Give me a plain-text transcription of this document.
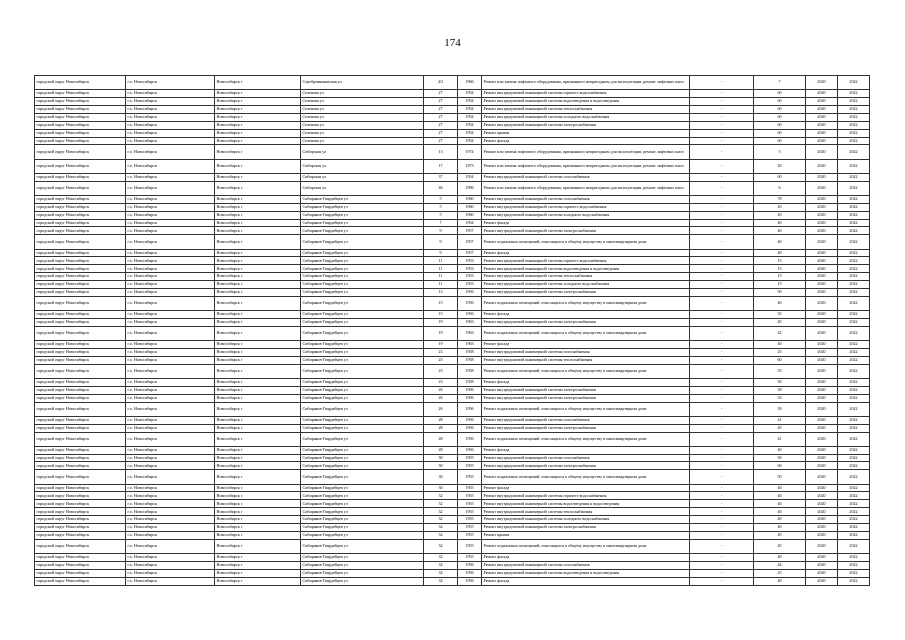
174
городской округ Новосибирск	г.о. Новосибирск	Новосибирск г	Серебренниковская ул	4/2	1966	Ремонт или замена лифтового оборудования, признанного непригодным для эксплуатации, ремонт лифтовых шахт	-	7	2020	2022
городской округ Новосибирск	г.о. Новосибирск	Новосибирск г	Сеченова ул	27	1954	Ремонт внутридомовой инженерной системы горячего водоснабжения	-	60	2020	2022
городской округ Новосибирск	г.о. Новосибирск	Новосибирск г	Сеченова ул	27	1954	Ремонт внутридомовой инженерной системы водоотведения и водоотведения	-	60	2020	2022
городской округ Новосибирск	г.о. Новосибирск	Новосибирск г	Сеченова ул	27	1954	Ремонт внутридомовой инженерной системы теплоснабжения	-	60	2020	2022
городской округ Новосибирск	г.о. Новосибирск	Новосибирск г	Сеченова ул	27	1954	Ремонт внутридомовой инженерной системы холодного водоснабжения	-	60	2020	2022
городской округ Новосибирск	г.о. Новосибирск	Новосибирск г	Сеченова ул	27	1954	Ремонт внутридомовой инженерной системы электроснабжения	-	60	2020	2022
городской округ Новосибирск	г.о. Новосибирск	Новосибирск г	Сеченова ул	27	1954	Ремонт крыши	-	60	2020	2022
городской округ Новосибирск	г.о. Новосибирск	Новосибирск г	Сеченова ул	27	1954	Ремонт фасада	-	60	2020	2022
городской округ Новосибирск	г.о. Новосибирск	Новосибирск г	Сибирская ул	13	1974	Ремонт или замена лифтового оборудования, признанного непригодным для эксплуатации, ремонт лифтовых шахт	-	5	2020	2022
городской округ Новосибирск	г.о. Новосибирск	Новосибирск г	Сибирская ул	17	1973	Ремонт или замена лифтового оборудования, признанного непригодным для эксплуатации, ремонт лифтовых шахт	-	20	2020	2022
городской округ Новосибирск	г.о. Новосибирск	Новосибирск г	Сибирская ул	37	1934	Ремонт внутридомовой инженерной системы газоснабжения	-	60	2020	2022
городской округ Новосибирск	г.о. Новосибирск	Новосибирск г	Сибирская ул	46	1996	Ремонт или замена лифтового оборудования, признанного непригодным для эксплуатации, ремонт лифтовых шахт	-	6	2020	2022
городской округ Новосибирск	г.о. Новосибирск	Новосибирск г	Сибиряков-Гвардейцев ул	5	1960	Ремонт внутридомовой инженерной системы газоснабжения	-	78	2020	2022
городской округ Новосибирск	г.о. Новосибирск	Новосибирск г	Сибиряков-Гвардейцев ул	5	1960	Ремонт внутридомовой инженерной системы горячего водоснабжения	-	20	2020	2022
городской округ Новосибирск	г.о. Новосибирск	Новосибирск г	Сибиряков-Гвардейцев ул	5	1960	Ремонт внутридомовой инженерной системы холодного водоснабжения	-	20	2020	2022
городской округ Новосибирск	г.о. Новосибирск	Новосибирск г	Сибиряков-Гвардейцев ул	7	1954	Ремонт фасада	-	40	2020	2022
городской округ Новосибирск	г.о. Новосибирск	Новосибирск г	Сибиряков-Гвардейцев ул	9	1957	Ремонт внутридомовой инженерной системы электроснабжения	-	40	2020	2022
городской округ Новосибирск	г.о. Новосибирск	Новосибирск г	Сибиряков-Гвардейцев ул	9	1957	Ремонт подвальных помещений, относящихся к общему имуществу в многоквартирном доме	-	40	2020	2022
городской округ Новосибирск	г.о. Новосибирск	Новосибирск г	Сибиряков-Гвардейцев ул	9	1957	Ремонт фасада	-	40	2020	2022
городской округ Новосибирск	г.о. Новосибирск	Новосибирск г	Сибиряков-Гвардейцев ул	11	1953	Ремонт внутридомовой инженерной системы горячего водоснабжения	-	15	2020	2022
городской округ Новосибирск	г.о. Новосибирск	Новосибирск г	Сибиряков-Гвардейцев ул	11	1953	Ремонт внутридомовой инженерной системы водоотведения и водоотведения	-	15	2020	2022
городской округ Новосибирск	г.о. Новосибирск	Новосибирск г	Сибиряков-Гвардейцев ул	11	1953	Ремонт внутридомовой инженерной системы теплоснабжения	-	15	2020	2022
городской округ Новосибирск	г.о. Новосибирск	Новосибирск г	Сибиряков-Гвардейцев ул	11	1953	Ремонт внутридомовой инженерной системы холодного водоснабжения	-	15	2020	2022
городской округ Новосибирск	г.о. Новосибирск	Новосибирск г	Сибиряков-Гвардейцев ул	13	1956	Ремонт внутридомовой инженерной системы электроснабжения	-	50	2020	2022
городской округ Новосибирск	г.о. Новосибирск	Новосибирск г	Сибиряков-Гвардейцев ул	15	1956	Ремонт подвальных помещений, относящихся к общему имуществу в многоквартирном доме	-	40	2020	2022
городской округ Новосибирск	г.о. Новосибирск	Новосибирск г	Сибиряков-Гвардейцев ул	15	1956	Ремонт фасада	-	35	2020	2022
городской округ Новосибирск	г.о. Новосибирск	Новосибирск г	Сибиряков-Гвардейцев ул	19	1963	Ремонт внутридомовой инженерной системы электроснабжения	-	45	2020	2022
городской округ Новосибирск	г.о. Новосибирск	Новосибирск г	Сибиряков-Гвардейцев ул	19	1963	Ремонт подвальных помещений, относящихся к общему имуществу в многоквартирном доме	-	42	2020	2022
городской округ Новосибирск	г.о. Новосибирск	Новосибирск г	Сибиряков-Гвардейцев ул	19	1963	Ремонт фасада	-	40	2020	2022
городской округ Новосибирск	г.о. Новосибирск	Новосибирск г	Сибиряков-Гвардейцев ул	23	1958	Ремонт внутридомовой инженерной системы газоснабжения	-	25	2020	2022
городской округ Новосибирск	г.о. Новосибирск	Новосибирск г	Сибиряков-Гвардейцев ул	23	1958	Ремонт внутридомовой инженерной системы теплоснабжения	-	60	2020	2022
городской округ Новосибирск	г.о. Новосибирск	Новосибирск г	Сибиряков-Гвардейцев ул	23	1958	Ремонт подвальных помещений, относящихся к общему имуществу в многоквартирном доме	-	35	2020	2022
городской округ Новосибирск	г.о. Новосибирск	Новосибирск г	Сибиряков-Гвардейцев ул	23	1958	Ремонт фасада	-	30	2020	2022
городской округ Новосибирск	г.о. Новосибирск	Новосибирск г	Сибиряков-Гвардейцев ул	26	1956	Ремонт внутридомовой инженерной системы электроснабжения	-	39	2020	2022
городской округ Новосибирск	г.о. Новосибирск	Новосибирск г	Сибиряков-Гвардейцев ул	26	1956	Ремонт внутридомовой инженерной системы электроснабжения	-	33	2020	2022
городской округ Новосибирск	г.о. Новосибирск	Новосибирск г	Сибиряков-Гвардейцев ул	26	1956	Ремонт подвальных помещений, относящихся к общему имуществу в многоквартирном доме	-	39	2020	2022
городской округ Новосибирск	г.о. Новосибирск	Новосибирск г	Сибиряков-Гвардейцев ул	28	1956	Ремонт внутридомовой инженерной системы газоснабжения	-	41	2020	2022
городской округ Новосибирск	г.о. Новосибирск	Новосибирск г	Сибиряков-Гвардейцев ул	28	1956	Ремонт внутридомовой инженерной системы электроснабжения	-	45	2020	2022
городской округ Новосибирск	г.о. Новосибирск	Новосибирск г	Сибиряков-Гвардейцев ул	28	1956	Ремонт подвальных помещений, относящихся к общему имуществу в многоквартирном доме	-	41	2020	2022
городской округ Новосибирск	г.о. Новосибирск	Новосибирск г	Сибиряков-Гвардейцев ул	28	1956	Ремонт фасада	-	40	2020	2022
городской округ Новосибирск	г.о. Новосибирск	Новосибирск г	Сибиряков-Гвардейцев ул	30	1955	Ремонт внутридомовой инженерной системы газоснабжения	-	50	2020	2022
городской округ Новосибирск	г.о. Новосибирск	Новосибирск г	Сибиряков-Гвардейцев ул	30	1955	Ремонт внутридомовой инженерной системы электроснабжения	-	60	2020	2022
городской округ Новосибирск	г.о. Новосибирск	Новосибирск г	Сибиряков-Гвардейцев ул	30	1955	Ремонт подвальных помещений, относящихся к общему имуществу в многоквартирном доме	-	50	2020	2022
городской округ Новосибирск	г.о. Новосибирск	Новосибирск г	Сибиряков-Гвардейцев ул	30	1955	Ремонт фасада	-	40	2020	2022
городской округ Новосибирск	г.о. Новосибирск	Новосибирск г	Сибиряков-Гвардейцев ул	32	1955	Ремонт внутридомовой инженерной системы горячего водоснабжения	-	40	2020	2022
городской округ Новосибирск	г.о. Новосибирск	Новосибирск г	Сибиряков-Гвардейцев ул	32	1955	Ремонт внутридомовой инженерной системы водоотведения и водоотведения	-	40	2020	2022
городской округ Новосибирск	г.о. Новосибирск	Новосибирск г	Сибиряков-Гвардейцев ул	32	1955	Ремонт внутридомовой инженерной системы теплоснабжения	-	40	2020	2022
городской округ Новосибирск	г.о. Новосибирск	Новосибирск г	Сибиряков-Гвардейцев ул	32	1955	Ремонт внутридомовой инженерной системы холодного водоснабжения	-	40	2020	2022
городской округ Новосибирск	г.о. Новосибирск	Новосибирск г	Сибиряков-Гвардейцев ул	32	1955	Ремонт внутридомовой инженерной системы электроснабжения	-	40	2020	2022
городской округ Новосибирск	г.о. Новосибирск	Новосибирск г	Сибиряков-Гвардейцев ул	32	1955	Ремонт крыши	-	45	2020	2022
городской округ Новосибирск	г.о. Новосибирск	Новосибирск г	Сибиряков-Гвардейцев ул	32	1955	Ремонт подвальных помещений, относящихся к общему имуществу в многоквартирном доме	-	45	2020	2022
городской округ Новосибирск	г.о. Новосибирск	Новосибирск г	Сибиряков-Гвардейцев ул	32	1955	Ремонт фасада	-	40	2020	2022
городской округ Новосибирск	г.о. Новосибирск	Новосибирск г	Сибиряков-Гвардейцев ул	34	1956	Ремонт внутридомовой инженерной системы газоснабжения	-	44	2020	2022
городской округ Новосибирск	г.о. Новосибирск	Новосибирск г	Сибиряков-Гвардейцев ул	34	1956	Ремонт внутридомовой инженерной системы водоотведения и водоотведения	-	25	2020	2022
городской округ Новосибирск	г.о. Новосибирск	Новосибирск г	Сибиряков-Гвардейцев ул	34	1956	Ремонт фасада	-	40	2020	2022
